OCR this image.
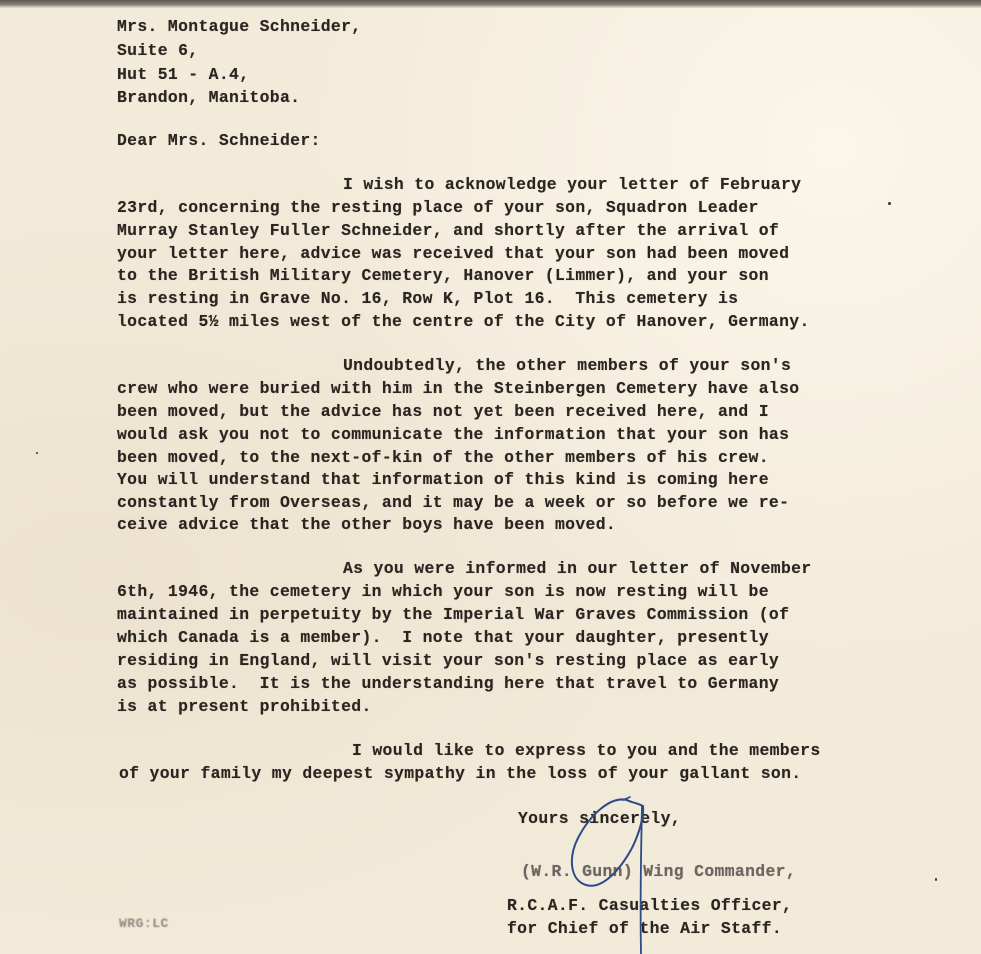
Mrs. Montague Schneider,
Suite 6,
Hut 51 - A.4,
Brandon, Manitoba.
Dear Mrs. Schneider:
I wish to acknowledge your letter of February
23rd, concerning the resting place of your son, Squadron Leader
Murray Stanley Fuller Schneider, and shortly after the arrival of
your letter here, advice was received that your son had been moved
to the British Military Cemetery, Hanover (Limmer), and your son
is resting in Grave No. 16, Row K, Plot 16.  This cemetery is
located 5½ miles west of the centre of the City of Hanover, Germany.
Undoubtedly, the other members of your son's
crew who were buried with him in the Steinbergen Cemetery have also
been moved, but the advice has not yet been received here, and I
would ask you not to communicate the information that your son has
been moved, to the next-of-kin of the other members of his crew.
You will understand that information of this kind is coming here
constantly from Overseas, and it may be a week or so before we re-
ceive advice that the other boys have been moved.
As you were informed in our letter of November
6th, 1946, the cemetery in which your son is now resting will be
maintained in perpetuity by the Imperial War Graves Commission (of
which Canada is a member).  I note that your daughter, presently
residing in England, will visit your son's resting place as early
as possible.  It is the understanding here that travel to Germany
is at present prohibited.
I would like to express to you and the members
of your family my deepest sympathy in the loss of your gallant son.
Yours sincerely,
(W.R. Gunn) Wing Commander,
R.C.A.F. Casualties Officer,
for Chief of the Air Staff.
WRG:LC
